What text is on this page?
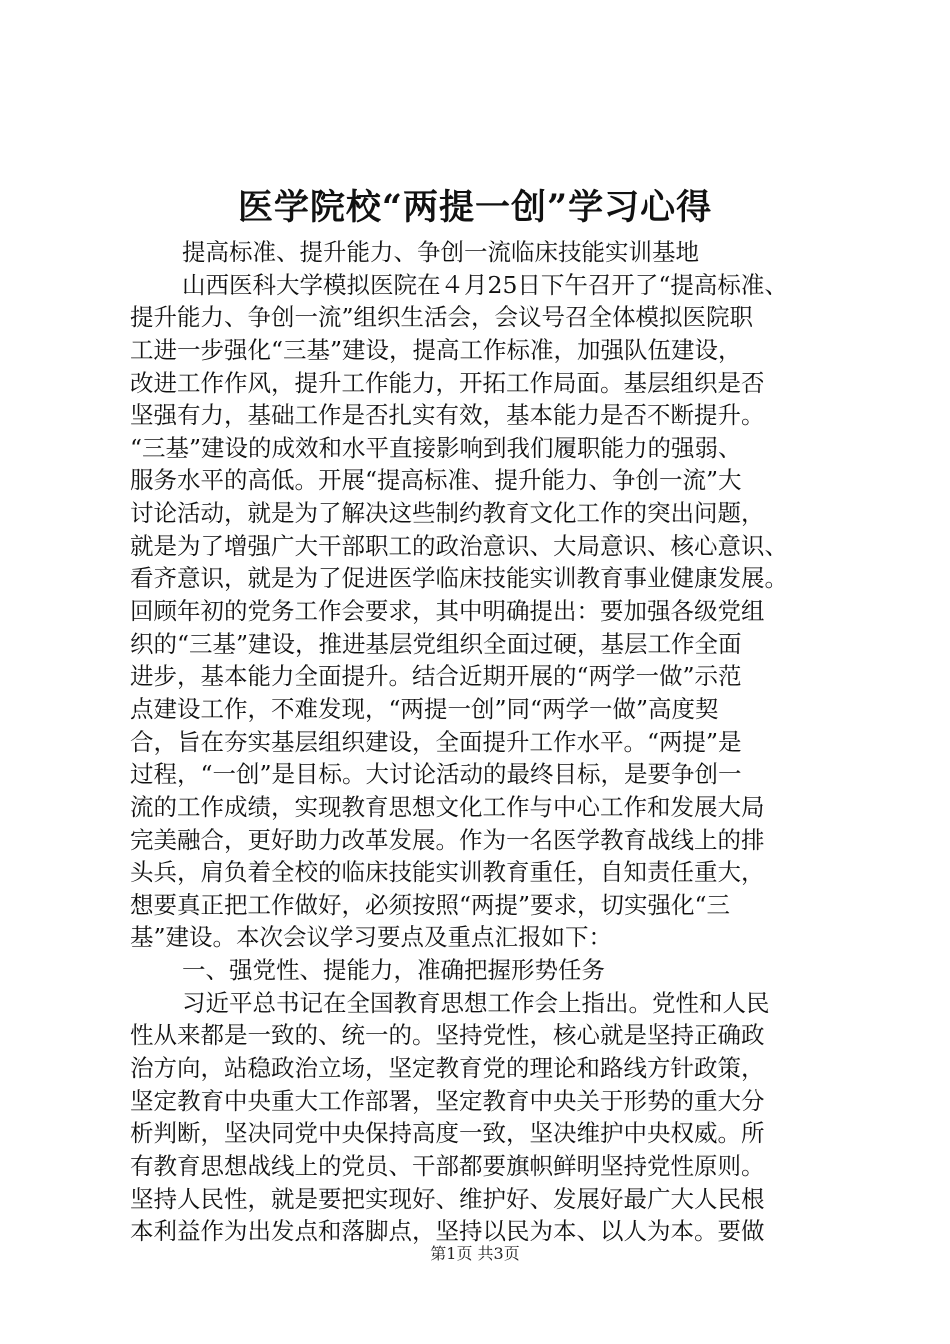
医学院校“两提一创”学习心得
提高标准、提升能力、争创一流临床技能实训基地
山西医科大学模拟医院在４月25日下午召开了“提高标准、
提升能力、争创一流”组织生活会，会议号召全体模拟医院职
工进一步强化“三基”建设，提高工作标准，加强队伍建设，
改进工作作风，提升工作能力，开拓工作局面。基层组织是否
坚强有力，基础工作是否扎实有效，基本能力是否不断提升。
“三基”建设的成效和水平直接影响到我们履职能力的强弱、
服务水平的高低。开展“提高标准、提升能力、争创一流”大
讨论活动，就是为了解决这些制约教育文化工作的突出问题，
就是为了增强广大干部职工的政治意识、大局意识、核心意识、
看齐意识，就是为了促进医学临床技能实训教育事业健康发展。
回顾年初的党务工作会要求，其中明确提出：要加强各级党组
织的“三基”建设，推进基层党组织全面过硬，基层工作全面
进步，基本能力全面提升。结合近期开展的“两学一做”示范
点建设工作，不难发现，“两提一创”同“两学一做”高度契
合，旨在夯实基层组织建设，全面提升工作水平。“两提”是
过程，“一创”是目标。大讨论活动的最终目标，是要争创一
流的工作成绩，实现教育思想文化工作与中心工作和发展大局
完美融合，更好助力改革发展。作为一名医学教育战线上的排
头兵，肩负着全校的临床技能实训教育重任，自知责任重大，
想要真正把工作做好，必须按照“两提”要求，切实强化“三
基”建设。本次会议学习要点及重点汇报如下：
一、强党性、提能力，准确把握形势任务
习近平总书记在全国教育思想工作会上指出。党性和人民
性从来都是一致的、统一的。坚持党性，核心就是坚持正确政
治方向，站稳政治立场，坚定教育党的理论和路线方针政策，
坚定教育中央重大工作部署，坚定教育中央关于形势的重大分
析判断，坚决同党中央保持高度一致，坚决维护中央权威。所
有教育思想战线上的党员、干部都要旗帜鲜明坚持党性原则。
坚持人民性，就是要把实现好、维护好、发展好最广大人民根
本利益作为出发点和落脚点，坚持以民为本、以人为本。要做
第1页 共3页
